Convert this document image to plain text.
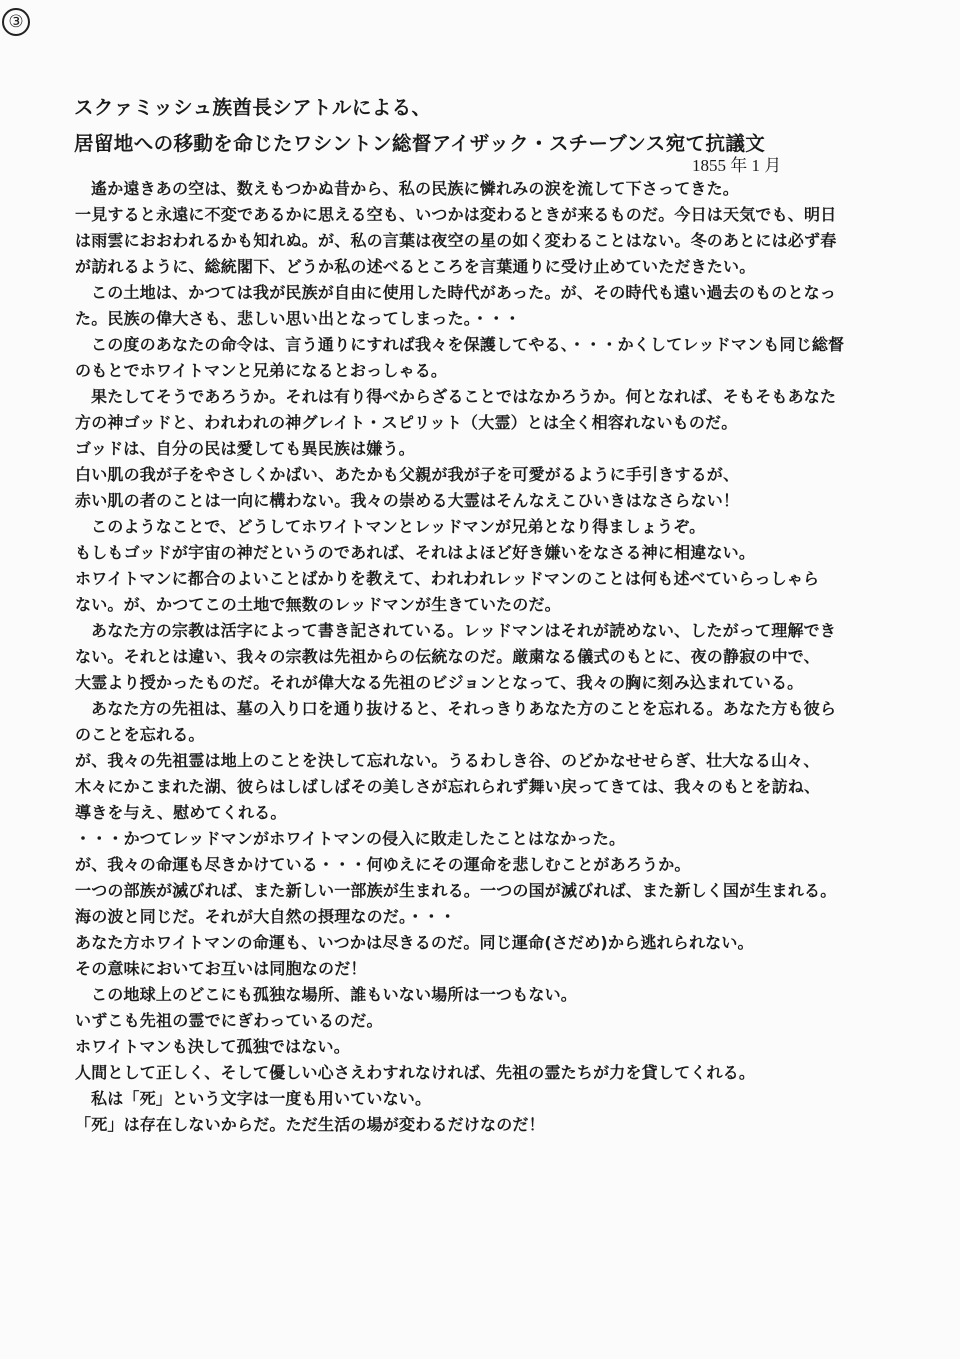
③
スクァミッシュ族酋長シアトルによる、
居留地への移動を命じたワシントン総督アイザック・スチーブンス宛て抗議文
1855 年 1 月
遙か遠きあの空は、数えもつかぬ昔から、私の民族に憐れみの涙を流して下さってきた。
一見すると永遠に不変であるかに思える空も、いつかは変わるときが来るものだ。今日は天気でも、明日
は雨雲におおわれるかも知れぬ。が、私の言葉は夜空の星の如く変わることはない。冬のあとには必ず春
が訪れるように、総統閣下、どうか私の述べるところを言葉通りに受け止めていただきたい。
この土地は、かつては我が民族が自由に使用した時代があった。が、その時代も遠い過去のものとなっ
た。民族の偉大さも、悲しい思い出となってしまった。・・・
この度のあなたの命令は、言う通りにすれば我々を保護してやる、・・・かくしてレッドマンも同じ総督
のもとでホワイトマンと兄弟になるとおっしゃる。
果たしてそうであろうか。それは有り得べからざることではなかろうか。何となれば、そもそもあなた
方の神ゴッドと、われわれの神グレイト・スピリット（大霊）とは全く相容れないものだ。
ゴッドは、自分の民は愛しても異民族は嫌う。
白い肌の我が子をやさしくかばい、あたかも父親が我が子を可愛がるように手引きするが、
赤い肌の者のことは一向に構わない。我々の崇める大霊はそんなえこひいきはなさらない！
このようなことで、どうしてホワイトマンとレッドマンが兄弟となり得ましょうぞ。
もしもゴッドが宇宙の神だというのであれば、それはよほど好き嫌いをなさる神に相違ない。
ホワイトマンに都合のよいことばかりを教えて、われわれレッドマンのことは何も述べていらっしゃら
ない。が、かつてこの土地で無数のレッドマンが生きていたのだ。
あなた方の宗教は活字によって書き記されている。レッドマンはそれが読めない、したがって理解でき
ない。それとは違い、我々の宗教は先祖からの伝統なのだ。厳粛なる儀式のもとに、夜の静寂の中で、
大霊より授かったものだ。それが偉大なる先祖のビジョンとなって、我々の胸に刻み込まれている。
あなた方の先祖は、墓の入り口を通り抜けると、それっきりあなた方のことを忘れる。あなた方も彼ら
のことを忘れる。
が、我々の先祖霊は地上のことを決して忘れない。うるわしき谷、のどかなせせらぎ、壮大なる山々、
木々にかこまれた湖、彼らはしばしばその美しさが忘れられず舞い戻ってきては、我々のもとを訪ね、
導きを与え、慰めてくれる。
・・・かつてレッドマンがホワイトマンの侵入に敗走したことはなかった。
が、我々の命運も尽きかけている・・・何ゆえにその運命を悲しむことがあろうか。
一つの部族が滅びれば、また新しい一部族が生まれる。一つの国が滅びれば、また新しく国が生まれる。
海の波と同じだ。それが大自然の摂理なのだ。・・・
あなた方ホワイトマンの命運も、いつかは尽きるのだ。同じ運命(さだめ)から逃れられない。
その意味においてお互いは同胞なのだ！
この地球上のどこにも孤独な場所、誰もいない場所は一つもない。
いずこも先祖の霊でにぎわっているのだ。
ホワイトマンも決して孤独ではない。
人間として正しく、そして優しい心さえわすれなければ、先祖の霊たちが力を貸してくれる。
私は「死」という文字は一度も用いていない。
「死」は存在しないからだ。ただ生活の場が変わるだけなのだ！
